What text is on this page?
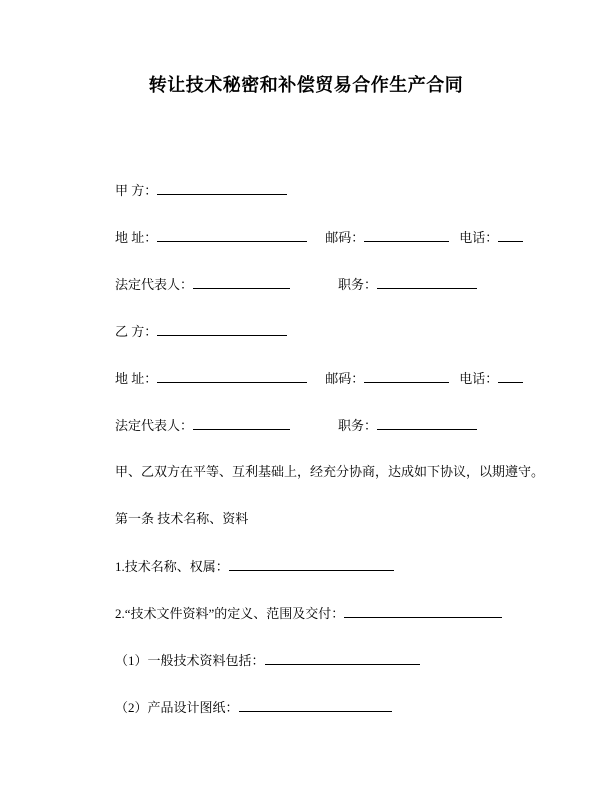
转让技术秘密和补偿贸易合作生产合同
甲 方：
地 址：	邮码：	电话：
法定代表人：	职务：
乙 方：
地 址：	邮码：	电话：
法定代表人：	职务：
甲、乙双方在平等、互利基础上，经充分协商，达成如下协议，以期遵守。
第一条 技术名称、资料
1.技术名称、权属：
2.“技术文件资料”的定义、范围及交付：
（1）一般技术资料包括：
（2）产品设计图纸：
